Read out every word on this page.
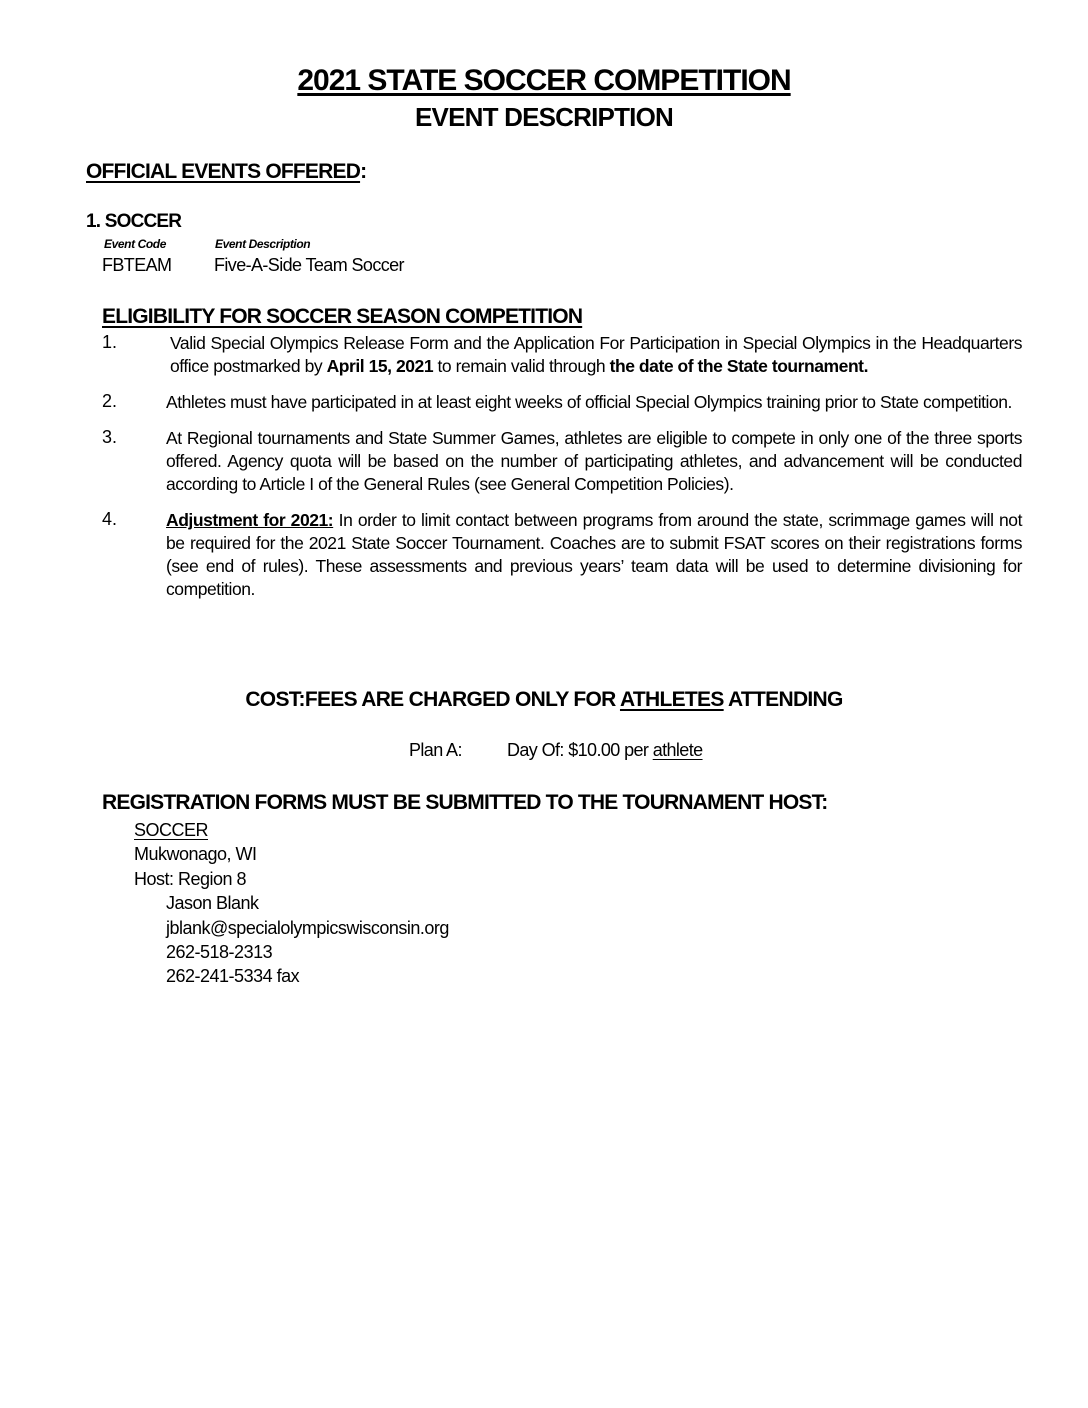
2021 STATE SOCCER COMPETITION
EVENT DESCRIPTION
OFFICIAL EVENTS OFFERED:
1. SOCCER
Event Code	Event Description
FBTEAM Five-A-Side Team Soccer
ELIGIBILITY FOR SOCCER SEASON COMPETITION
1.	Valid Special Olympics Release Form and the Application For Participation in Special Olympics in the Headquarters office postmarked by April 15, 2021 to remain valid through the date of the State tournament.
2.	Athletes must have participated in at least eight weeks of official Special Olympics training prior to State competition.
3.	At Regional tournaments and State Summer Games, athletes are eligible to compete in only one of the three sports offered. Agency quota will be based on the number of participating athletes, and advancement will be conducted according to Article I of the General Rules (see General Competition Policies).
4.	Adjustment for 2021: In order to limit contact between programs from around the state, scrimmage games will not be required for the 2021 State Soccer Tournament. Coaches are to submit FSAT scores on their registrations forms (see end of rules). These assessments and previous years’ team data will be used to determine divisioning for competition.
COST:FEES ARE CHARGED ONLY FOR ATHLETES ATTENDING
Plan A:	Day Of: $10.00 per athlete
REGISTRATION FORMS MUST BE SUBMITTED TO THE TOURNAMENT HOST:
SOCCER
Mukwonago, WI
Host: Region 8
Jason Blank
jblank@specialolympicswisconsin.org
262-518-2313
262-241-5334 fax
